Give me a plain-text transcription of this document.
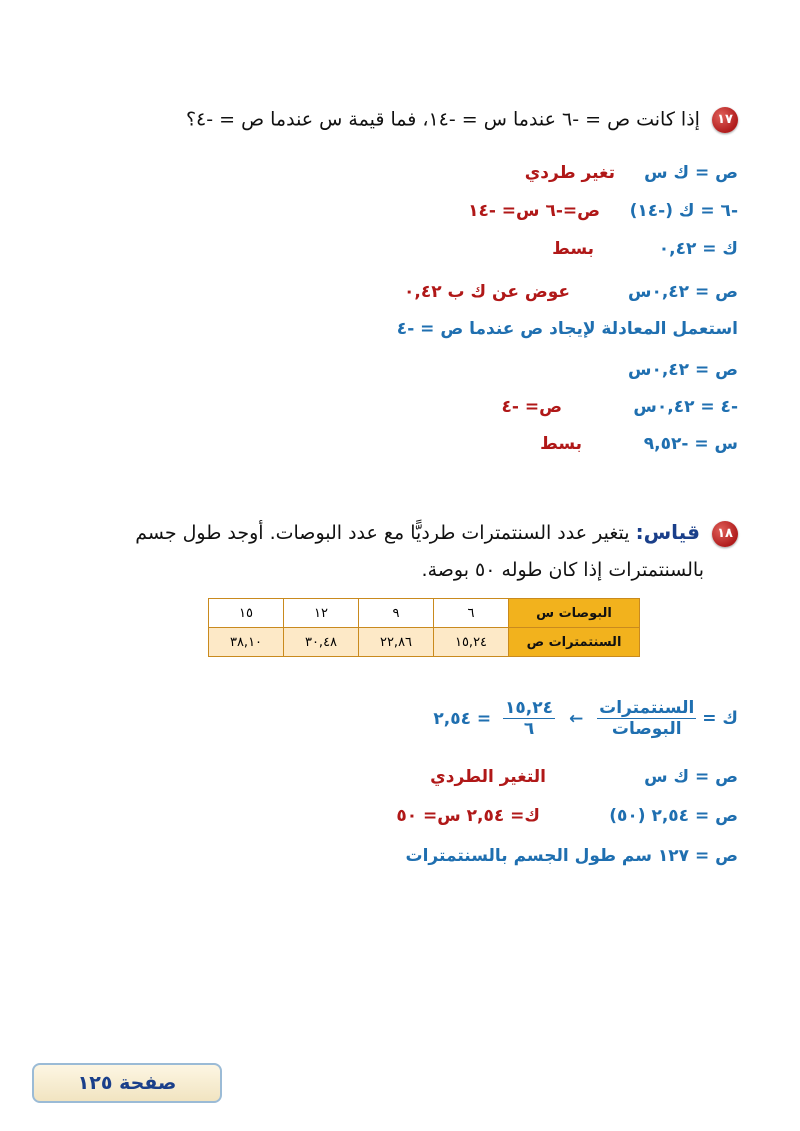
١٧ إذا كانت ص = -٦ عندما س = -١٤، فما قيمة س عندما ص = -٤؟
ص = ك س
تغير طردي
-٦ = ك (-١٤)
ص=-٦ س= -١٤
ك = ٠,٤٢
بسط
ص = ٠,٤٢س
عوض عن ك ب ٠,٤٢
استعمل المعادلة لإيجاد ص عندما ص = -٤
ص = ٠,٤٢س
-٤ = ٠,٤٢س
ص= -٤
س = -٩,٥٢
بسط
١٨ قياس: يتغير عدد السنتمترات طرديًّا مع عدد البوصات. أوجد طول جسم
بالسنتمترات إذا كان طوله ٥٠ بوصة.
البوصات س	٦	٩	١٢	١٥
السنتمترات ص	١٥,٢٤	٢٢,٨٦	٣٠,٤٨	٣٨,١٠
ك =
$\frac{\text{السنتمترات}}{\text{البوصات}}$
←
$\frac{١٥,٢٤}{٦}$
= ٢,٥٤
ص = ك س
التغير الطردي
ص = ٢,٥٤ (٥٠)
ك= ٢,٥٤ س= ٥٠
ص = ١٢٧ سم طول الجسم بالسنتمترات
صفحة ١٢٥
